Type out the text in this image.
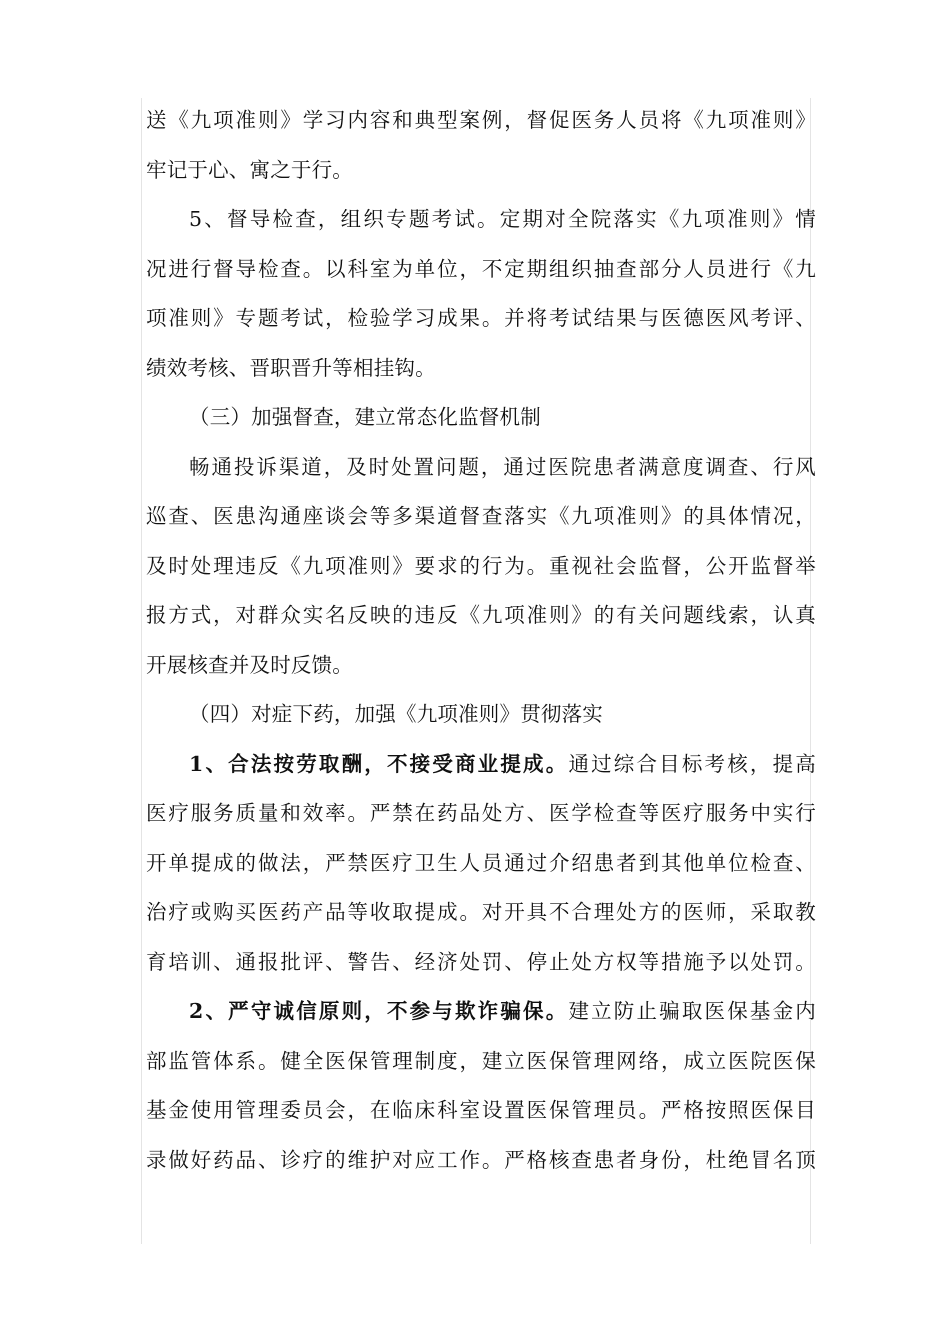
送《九项准则》学习内容和典型案例，督促医务人员将《九项准则》
牢记于心、寓之于行。
5、督导检查，组织专题考试。定期对全院落实《九项准则》情
况进行督导检查。以科室为单位，不定期组织抽查部分人员进行《九
项准则》专题考试，检验学习成果。并将考试结果与医德医风考评、
绩效考核、晋职晋升等相挂钩。
（三）加强督查，建立常态化监督机制
畅通投诉渠道，及时处置问题，通过医院患者满意度调查、行风
巡查、医患沟通座谈会等多渠道督查落实《九项准则》的具体情况，
及时处理违反《九项准则》要求的行为。重视社会监督，公开监督举
报方式，对群众实名反映的违反《九项准则》的有关问题线索，认真
开展核查并及时反馈。
（四）对症下药，加强《九项准则》贯彻落实
1、合法按劳取酬，不接受商业提成。通过综合目标考核，提高
医疗服务质量和效率。严禁在药品处方、医学检查等医疗服务中实行
开单提成的做法，严禁医疗卫生人员通过介绍患者到其他单位检查、
治疗或购买医药产品等收取提成。对开具不合理处方的医师，采取教
育培训、通报批评、警告、经济处罚、停止处方权等措施予以处罚。
2、严守诚信原则，不参与欺诈骗保。建立防止骗取医保基金内
部监管体系。健全医保管理制度，建立医保管理网络，成立医院医保
基金使用管理委员会，在临床科室设置医保管理员。严格按照医保目
录做好药品、诊疗的维护对应工作。严格核查患者身份，杜绝冒名顶
